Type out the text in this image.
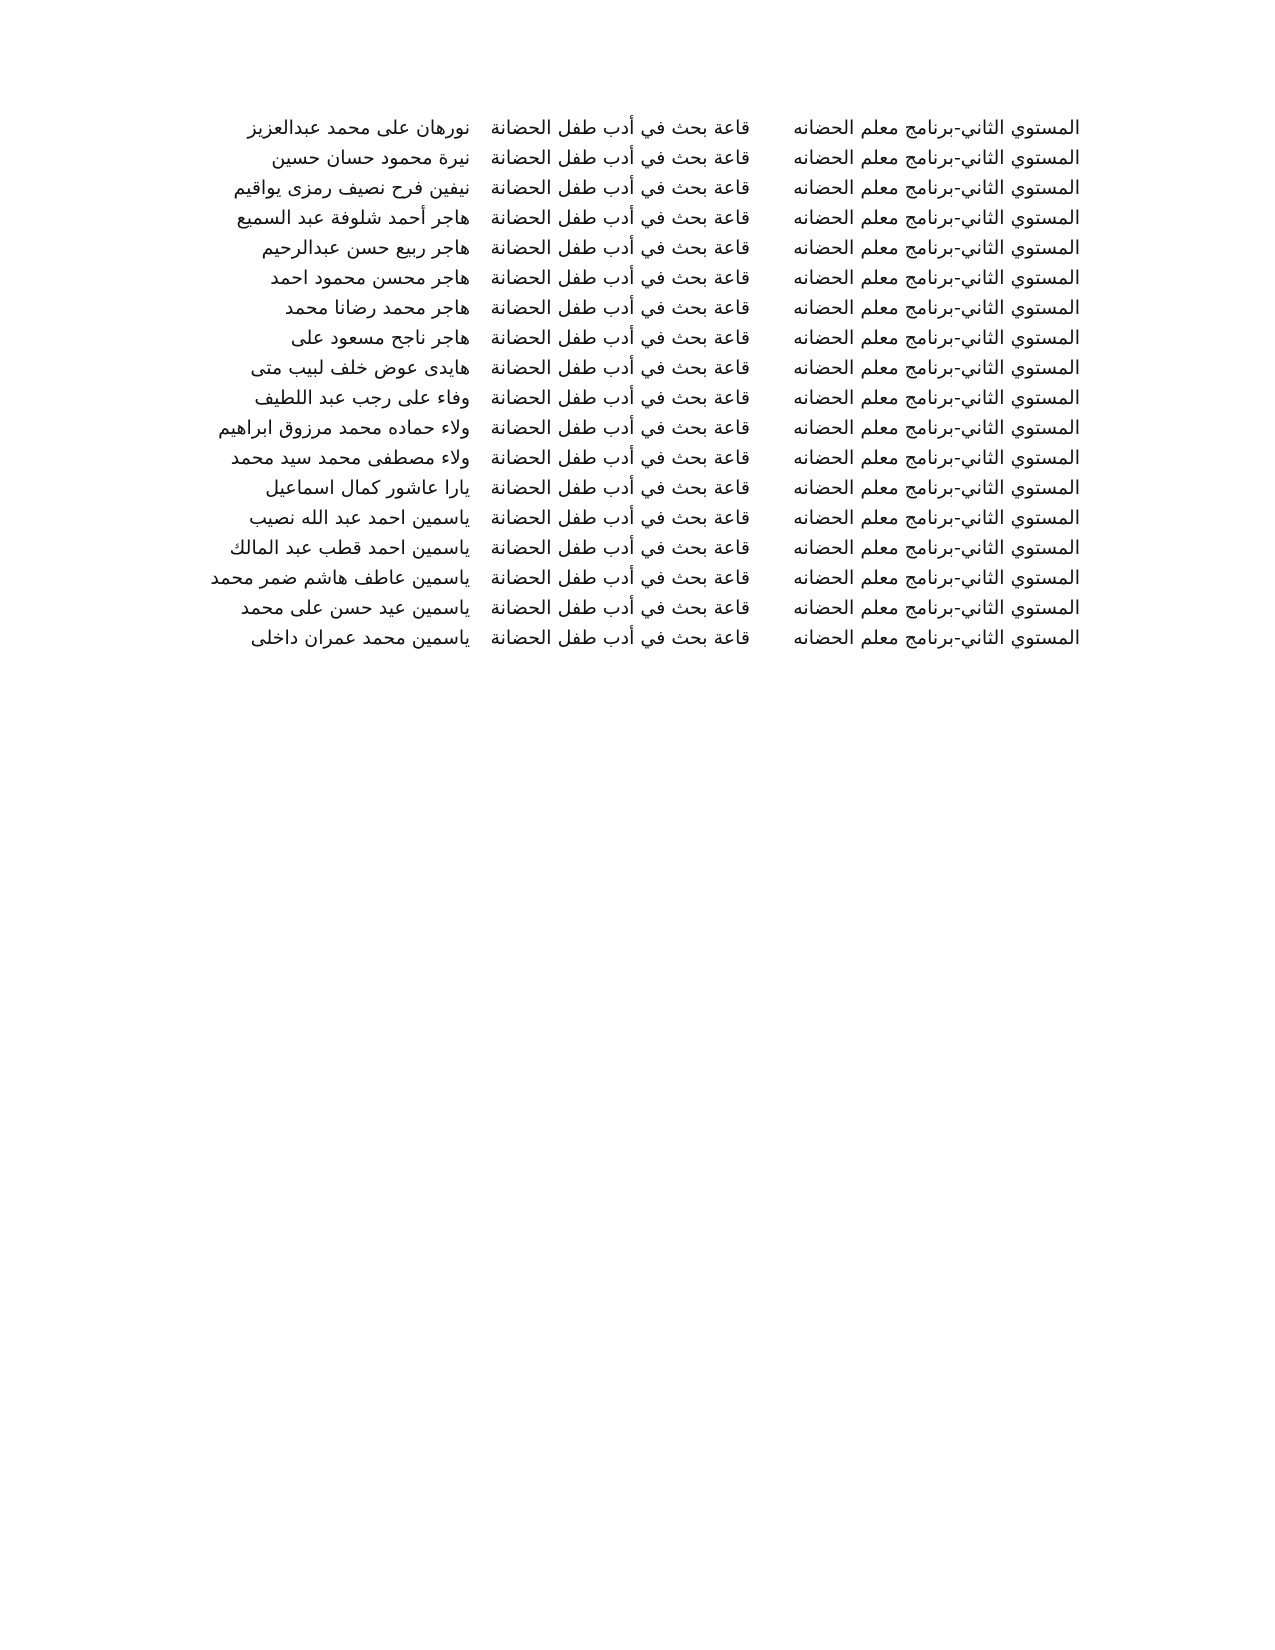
المستوي الثاني-برنامج معلم الحضانه
قاعة بحث في أدب طفل الحضانة
نورهان على محمد عبدالعزيز
المستوي الثاني-برنامج معلم الحضانه
قاعة بحث في أدب طفل الحضانة
نيرة محمود حسان حسين
المستوي الثاني-برنامج معلم الحضانه
قاعة بحث في أدب طفل الحضانة
نيفين فرح نصيف رمزى يواقيم
المستوي الثاني-برنامج معلم الحضانه
قاعة بحث في أدب طفل الحضانة
هاجر أحمد شلوفة عبد السميع
المستوي الثاني-برنامج معلم الحضانه
قاعة بحث في أدب طفل الحضانة
هاجر ربيع حسن عبدالرحيم
المستوي الثاني-برنامج معلم الحضانه
قاعة بحث في أدب طفل الحضانة
هاجر محسن محمود احمد
المستوي الثاني-برنامج معلم الحضانه
قاعة بحث في أدب طفل الحضانة
هاجر محمد رضانا محمد
المستوي الثاني-برنامج معلم الحضانه
قاعة بحث في أدب طفل الحضانة
هاجر ناجح مسعود على
المستوي الثاني-برنامج معلم الحضانه
قاعة بحث في أدب طفل الحضانة
هايدى عوض خلف لبيب متى
المستوي الثاني-برنامج معلم الحضانه
قاعة بحث في أدب طفل الحضانة
وفاء على رجب عبد اللطيف
المستوي الثاني-برنامج معلم الحضانه
قاعة بحث في أدب طفل الحضانة
ولاء حماده محمد مرزوق ابراهيم
المستوي الثاني-برنامج معلم الحضانه
قاعة بحث في أدب طفل الحضانة
ولاء مصطفى محمد سيد محمد
المستوي الثاني-برنامج معلم الحضانه
قاعة بحث في أدب طفل الحضانة
يارا عاشور كمال اسماعيل
المستوي الثاني-برنامج معلم الحضانه
قاعة بحث في أدب طفل الحضانة
ياسمين احمد عبد الله نصيب
المستوي الثاني-برنامج معلم الحضانه
قاعة بحث في أدب طفل الحضانة
ياسمين احمد قطب عبد المالك
المستوي الثاني-برنامج معلم الحضانه
قاعة بحث في أدب طفل الحضانة
ياسمين عاطف هاشم ضمر محمد
المستوي الثاني-برنامج معلم الحضانه
قاعة بحث في أدب طفل الحضانة
ياسمين عيد حسن على محمد
المستوي الثاني-برنامج معلم الحضانه
قاعة بحث في أدب طفل الحضانة
ياسمين محمد عمران داخلى
